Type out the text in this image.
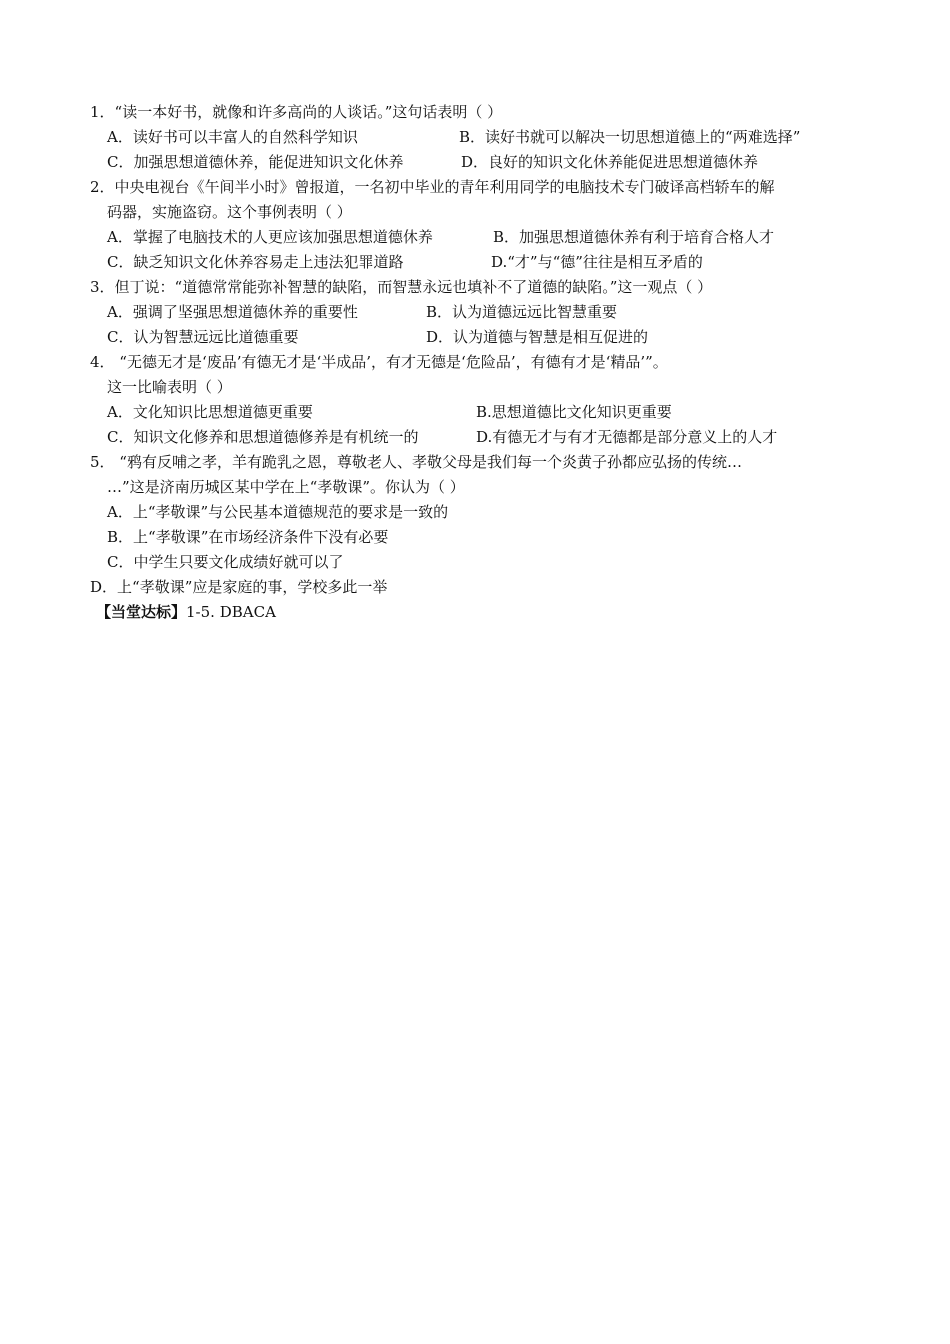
1．“读一本好书，就像和许多高尚的人谈话。”这句话表明（ ）
A．读好书可以丰富人的自然科学知识	B．读好书就可以解决一切思想道德上的“两难选择”
C．加强思想道德休养，能促进知识文化休养	D．良好的知识文化休养能促进思想道德休养
2．中央电视台《午间半小时》曾报道，一名初中毕业的青年利用同学的电脑技术专门破译高档轿车的解
码器，实施盗窃。这个事例表明（ ）
A．掌握了电脑技术的人更应该加强思想道德休养	B．加强思想道德休养有利于培育合格人才
C．缺乏知识文化休养容易走上违法犯罪道路	D.“才”与“德”往往是相互矛盾的
3．但丁说：“道德常常能弥补智慧的缺陷，而智慧永远也填补不了道德的缺陷。”这一观点（ ）
A．强调了坚强思想道德休养的重要性	B．认为道德远远比智慧重要
C．认为智慧远远比道德重要	D．认为道德与智慧是相互促进的
4． “无德无才是‘废品’有德无才是‘半成品’，有才无德是‘危险品’，有德有才是‘精品’”。
这一比喻表明（ ）
A．文化知识比思想道德更重要	B.思想道德比文化知识更重要
C．知识文化修养和思想道德修养是有机统一的	D.有德无才与有才无德都是部分意义上的人才
5． “鸦有反哺之孝，羊有跪乳之恩，尊敬老人、孝敬父母是我们每一个炎黄子孙都应弘扬的传统…
…”这是济南历城区某中学在上“孝敬课”。你认为（ ）
A．上“孝敬课”与公民基本道德规范的要求是一致的
B．上“孝敬课”在市场经济条件下没有必要
C．中学生只要文化成绩好就可以了
D．上“孝敬课”应是家庭的事，学校多此一举
【当堂达标】1-5. DBACA
